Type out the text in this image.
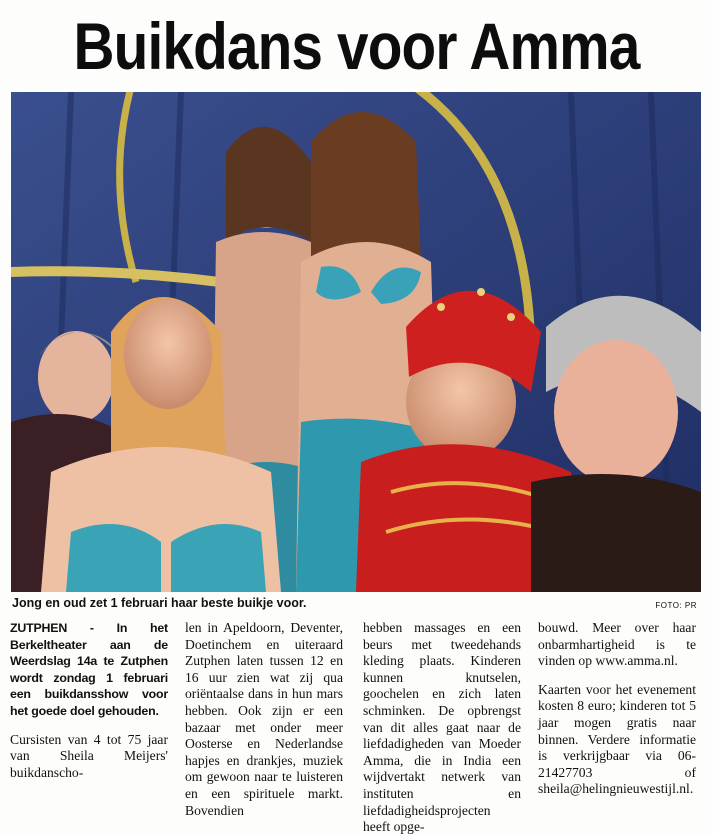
Buikdans voor Amma
Jong en oud zet 1 februari haar beste buikje voor.	FOTO: PR

ZUTPHEN - In het Berkeltheater aan de Weerdslag 14a te Zutphen wordt zondag 1 februari een buikdansshow voor het goede doel gehouden.

Cursisten van 4 tot 75 jaar van Sheila Meijers' buikdanscho-

len in Apeldoorn, Deventer, Doetinchem en uiteraard Zutphen laten tussen 12 en 16 uur zien wat zij qua oriëntaalse dans in hun mars hebben. Ook zijn er een bazaar met onder meer Oosterse en Nederlandse hapjes en drankjes, muziek om gewoon naar te luisteren en een spirituele markt. Bovendien

hebben massages en een beurs met tweedehands kleding plaats. Kinderen kunnen knutselen, goochelen en zich laten schminken. De opbrengst van dit alles gaat naar de liefdadigheden van Moeder Amma, die in India een wijdvertakt netwerk van instituten en liefdadigheidsprojecten heeft opge-

bouwd. Meer over haar onbarmhartigheid is te vinden op www.amma.nl.

Kaarten voor het evenement kosten 8 euro; kinderen tot 5 jaar mogen gratis naar binnen. Verdere informatie is verkrijgbaar via 06-21427703 of sheila@helingnieuwestijl.nl.
